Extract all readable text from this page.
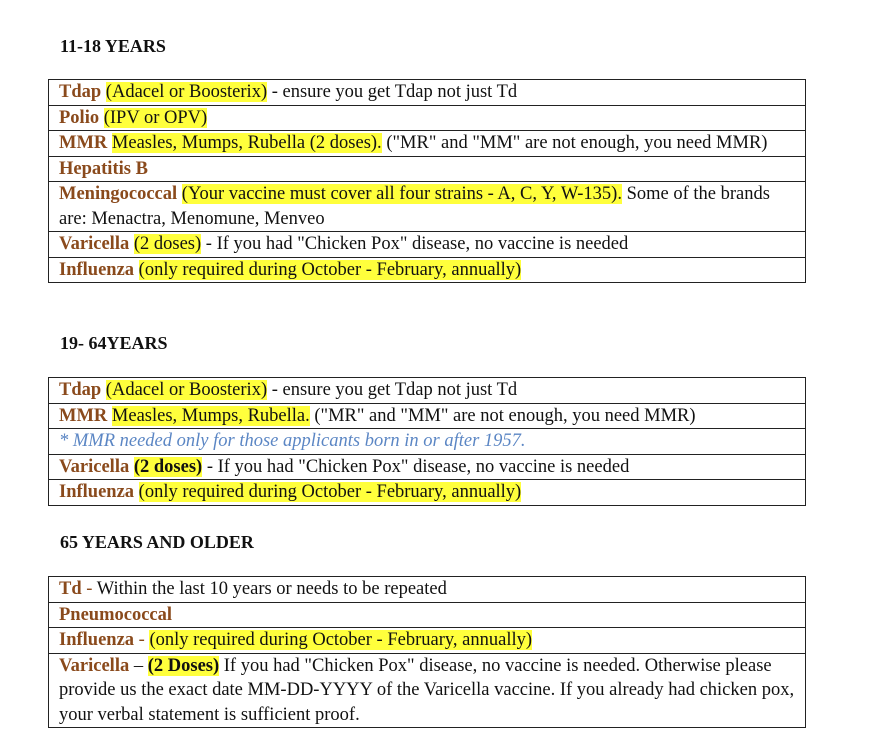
11-18 YEARS
Tdap (Adacel or Boosterix) - ensure you get Tdap not just Td
Polio (IPV or OPV)
MMR Measles, Mumps, Rubella (2 doses). ("MR" and "MM" are not enough, you need MMR)
Hepatitis B
Meningococcal (Your vaccine must cover all four strains - A, C, Y, W-135). Some of the brands are: Menactra, Menomune, Menveo
Varicella (2 doses) - If you had "Chicken Pox" disease, no vaccine is needed
Influenza (only required during October - February, annually)
19- 64YEARS
Tdap (Adacel or Boosterix) - ensure you get Tdap not just Td
MMR Measles, Mumps, Rubella. ("MR" and "MM" are not enough, you need MMR)
* MMR needed only for those applicants born in or after 1957.
Varicella (2 doses) - If you had "Chicken Pox" disease, no vaccine is needed
Influenza (only required during October - February, annually)
65 YEARS AND OLDER
Td - Within the last 10 years or needs to be repeated
Pneumococcal
Influenza - (only required during October - February, annually)
Varicella – (2 Doses) If you had "Chicken Pox" disease, no vaccine is needed. Otherwise please provide us the exact date MM-DD-YYYY of the Varicella vaccine. If you already had chicken pox, your verbal statement is sufficient proof.
